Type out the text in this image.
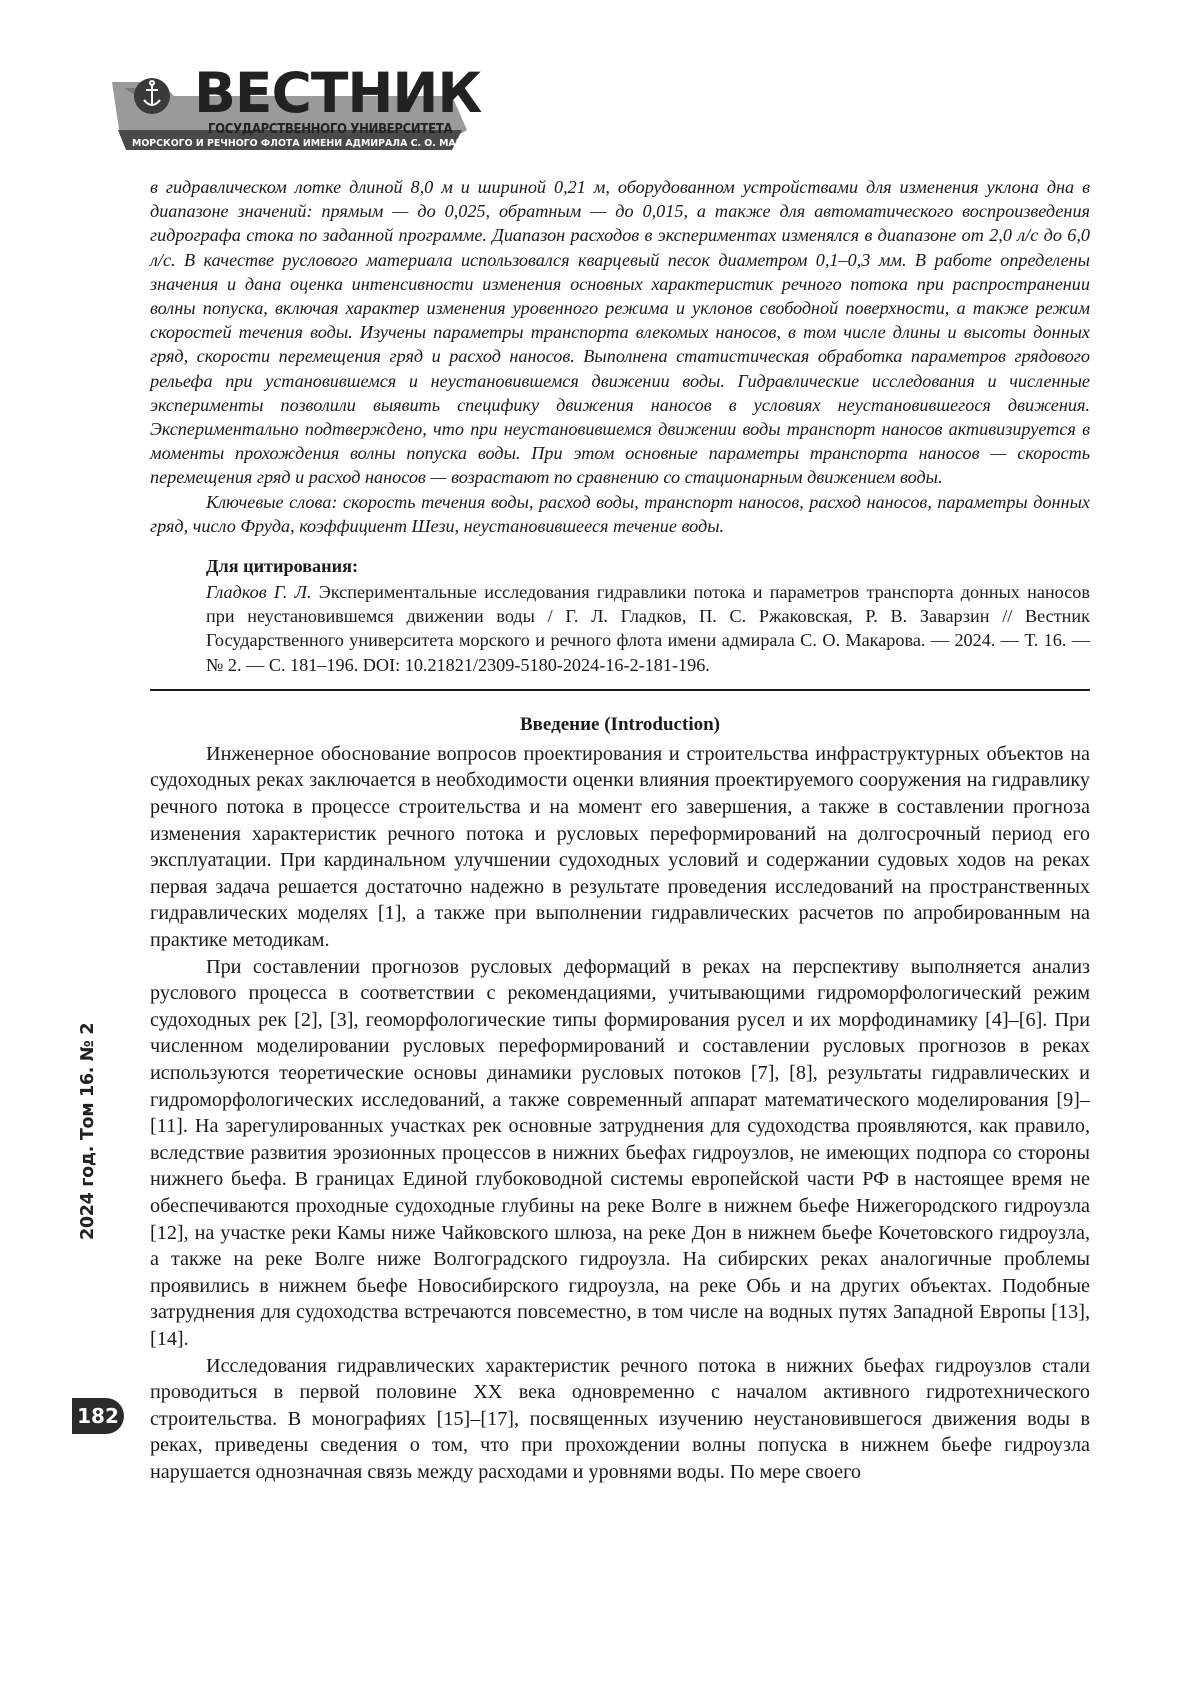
ВЕСТНИК
ГОСУДАРСТВЕННОГО УНИВЕРСИТЕТА
МОРСКОГО И РЕЧНОГО ФЛОТА ИМЕНИ АДМИРАЛА С. О. МАКАРОВА
2024 год. Том 16. № 2
182

в гидравлическом лотке длиной 8,0 м и шириной 0,21 м, оборудованном устройствами для изменения уклона дна в диапазоне значений: прямым — до 0,025, обратным — до 0,015, а также для автоматического воспроизведения гидрографа стока по заданной программе. Диапазон расходов в экспериментах изменялся в диапазоне от 2,0 л/с до 6,0 л/с. В качестве руслового материала использовался кварцевый песок диаметром 0,1–0,3 мм. В работе определены значения и дана оценка интенсивности изменения основных характеристик речного потока при распространении волны попуска, включая характер изменения уровенного режима и уклонов свободной поверхности, а также режим скоростей течения воды. Изучены параметры транспорта влекомых наносов, в том числе длины и высоты донных гряд, скорости перемещения гряд и расход наносов. Выполнена статистическая обработка параметров грядового рельефа при установившемся и неустановившемся движении воды. Гидравлические исследования и численные эксперименты позволили выявить специфику движения наносов в условиях неустановившегося движения. Экспериментально подтверждено, что при неустановившемся движении воды транспорт наносов активизируется в моменты прохождения волны попуска воды. При этом основные параметры транспорта наносов — скорость перемещения гряд и расход наносов — возрастают по сравнению со стационарным движением воды.

Ключевые слова: скорость течения воды, расход воды, транспорт наносов, расход наносов, параметры донных гряд, число Фруда, коэффициент Шези, неустановившееся течение воды.

Для цитирования:

Гладков Г. Л. Экспериментальные исследования гидравлики потока и параметров транспорта донных наносов при неустановившемся движении воды / Г. Л. Гладков, П. С. Ржаковская, Р. В. Заварзин // Вестник Государственного университета морского и речного флота имени адмирала С. О. Макарова. — 2024. — Т. 16. — № 2. — С. 181–196. DOI: 10.21821/2309-5180-2024-16-2-181-196.

Введение (Introduction)

Инженерное обоснование вопросов проектирования и строительства инфраструктурных объектов на судоходных реках заключается в необходимости оценки влияния проектируемого сооружения на гидравлику речного потока в процессе строительства и на момент его завершения, а также в составлении прогноза изменения характеристик речного потока и русловых переформирований на долгосрочный период его эксплуатации. При кардинальном улучшении судоходных условий и содержании судовых ходов на реках первая задача решается достаточно надежно в результате проведения исследований на пространственных гидравлических моделях [1], а также при выполнении гидравлических расчетов по апробированным на практике методикам.

При составлении прогнозов русловых деформаций в реках на перспективу выполняется анализ руслового процесса в соответствии с рекомендациями, учитывающими гидроморфологический режим судоходных рек [2], [3], геоморфологические типы формирования русел и их морфодинамику [4]–[6]. При численном моделировании русловых переформирований и составлении русловых прогнозов в реках используются теоретические основы динамики русловых потоков [7], [8], результаты гидравлических и гидроморфологических исследований, а также современный аппарат математического моделирования [9]–[11]. На зарегулированных участках рек основные затруднения для судоходства проявляются, как правило, вследствие развития эрозионных процессов в нижних бьефах гидроузлов, не имеющих подпора со стороны нижнего бьефа. В границах Единой глубоководной системы европейской части РФ в настоящее время не обеспечиваются проходные судоходные глубины на реке Волге в нижнем бьефе Нижегородского гидроузла [12], на участке реки Камы ниже Чайковского шлюза, на реке Дон в нижнем бьефе Кочетовского гидроузла, а также на реке Волге ниже Волгоградского гидроузла. На сибирских реках аналогичные проблемы проявились в нижнем бьефе Новосибирского гидроузла, на реке Обь и на других объектах. Подобные затруднения для судоходства встречаются повсеместно, в том числе на водных путях Западной Европы [13], [14].

Исследования гидравлических характеристик речного потока в нижних бьефах гидроузлов стали проводиться в первой половине XX века одновременно с началом активного гидротехнического строительства. В монографиях [15]–[17], посвященных изучению неустановившегося движения воды в реках, приведены сведения о том, что при прохождении волны попуска в нижнем бьефе гидроузла нарушается однозначная связь между расходами и уровнями воды. По мере своего
